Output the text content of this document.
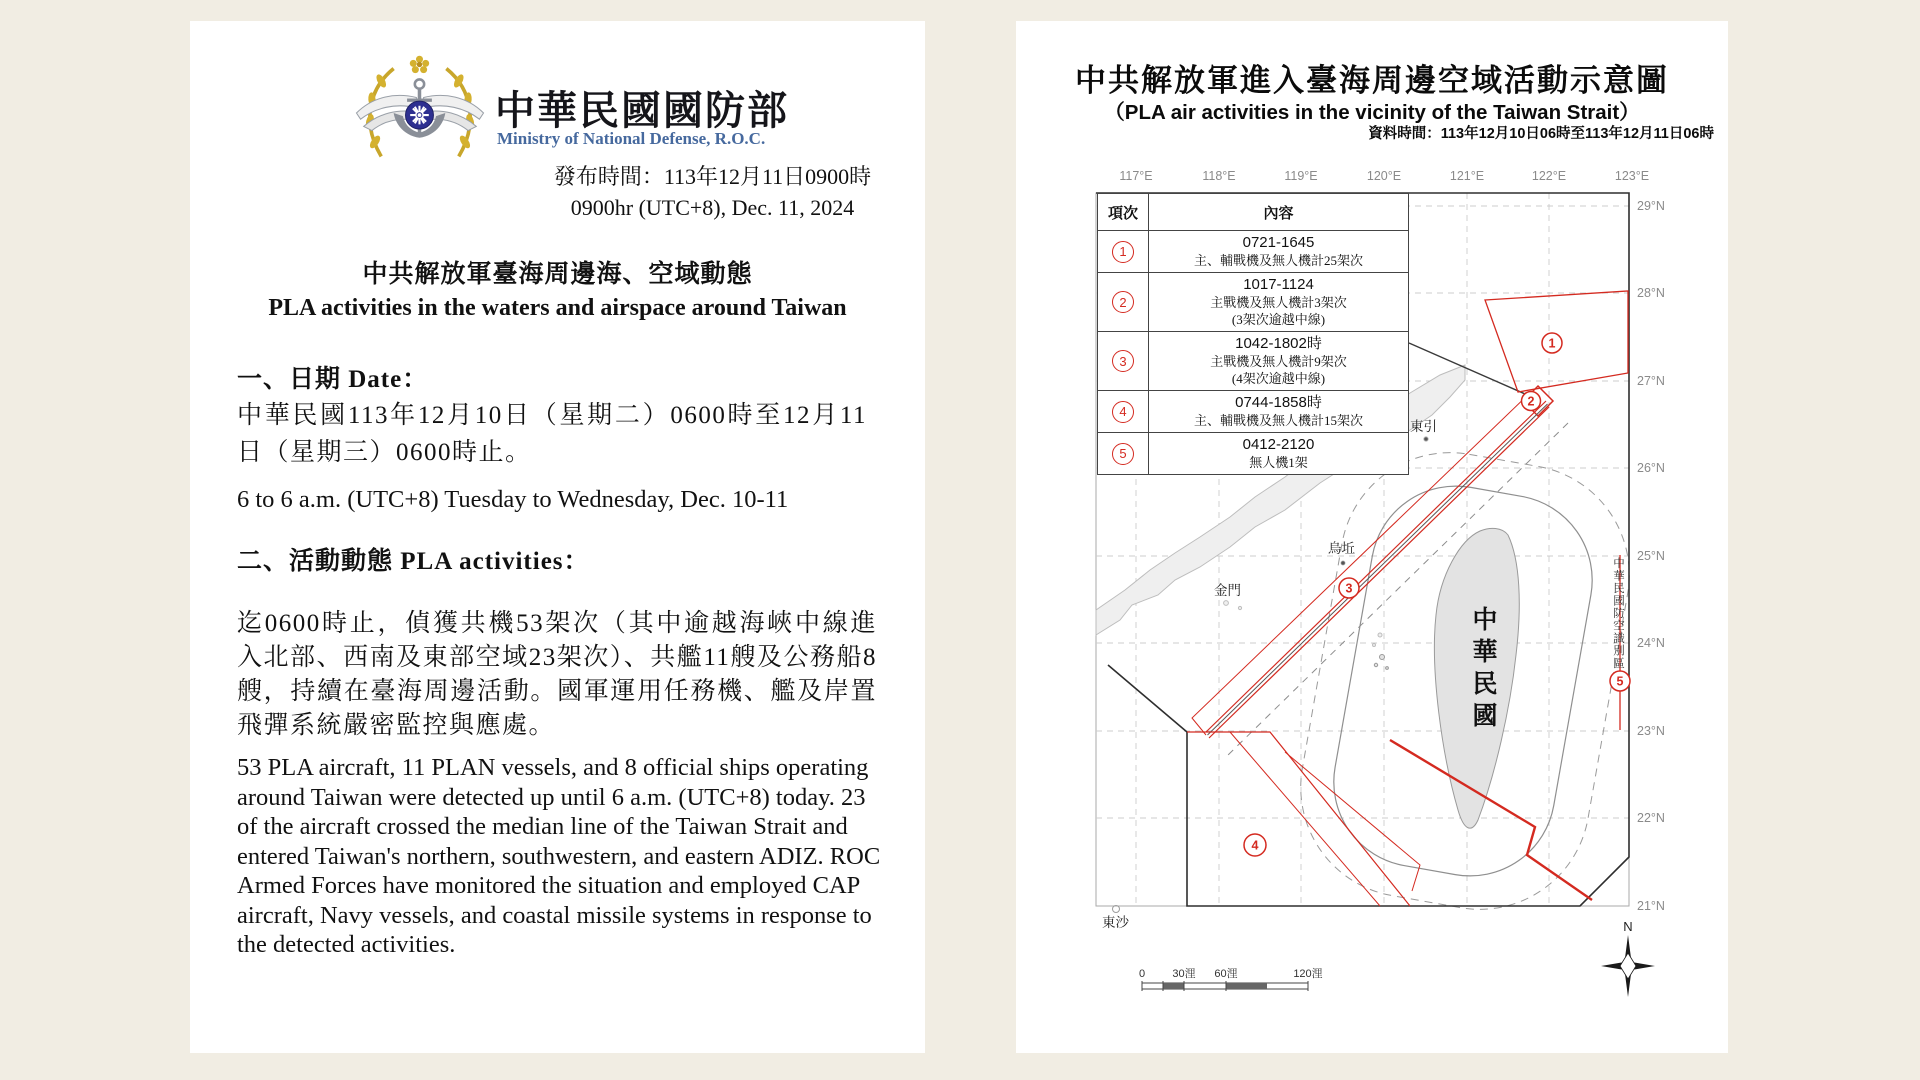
中華民國國防部
Ministry of National Defense, R.O.C.
發布時間：113年12月11日0900時
0900hr (UTC+8), Dec. 11, 2024
中共解放軍臺海周邊海、空域動態
PLA activities in the waters and airspace around Taiwan
一、日期 Date：
中華民國113年12月10日（星期二）0600時至12月11日（星期三）0600時止。
6 to 6 a.m. (UTC+8) Tuesday to Wednesday, Dec. 10-11
二、活動動態 PLA activities：
迄0600時止，偵獲共機53架次（其中逾越海峽中線進入北部、西南及東部空域23架次）、共艦11艘及公務船8艘，持續在臺海周邊活動。國軍運用任務機、艦及岸置飛彈系統嚴密監控與應處。
53 PLA aircraft, 11 PLAN vessels, and 8 official ships operating around Taiwan were detected up until 6 a.m. (UTC+8) today. 23 of the aircraft crossed the median line of the Taiwan Strait and entered Taiwan's northern, southwestern, and eastern ADIZ. ROC Armed Forces have monitored the situation and employed CAP aircraft, Navy vessels, and coastal missile systems in response to the detected activities.
中共解放軍進入臺海周邊空域活動示意圖
（PLA air activities in the vicinity of the Taiwan Strait）
資料時間：113年12月10日06時至113年12月11日06時
117°E	118°E	119°E	120°E	121°E	122°E	123°E
29°N
28°N
27°N
26°N
25°N
24°N
23°N
22°N
21°N
1
2
3
4
5
東引
烏坵
金門
東沙
0 30浬 60浬	120浬
N
項次	內容
1	0721-1645
主、輔戰機及無人機計25架次

2	1017-1124
主戰機及無人機計3架次
(3架次逾越中線)

3	1042-1802時
主戰機及無人機計9架次
(4架次逾越中線)

4	0744-1858時
主、輔戰機及無人機計15架次

5	0412-2120
無人機1架
中華民國	中華民國防空識別區
